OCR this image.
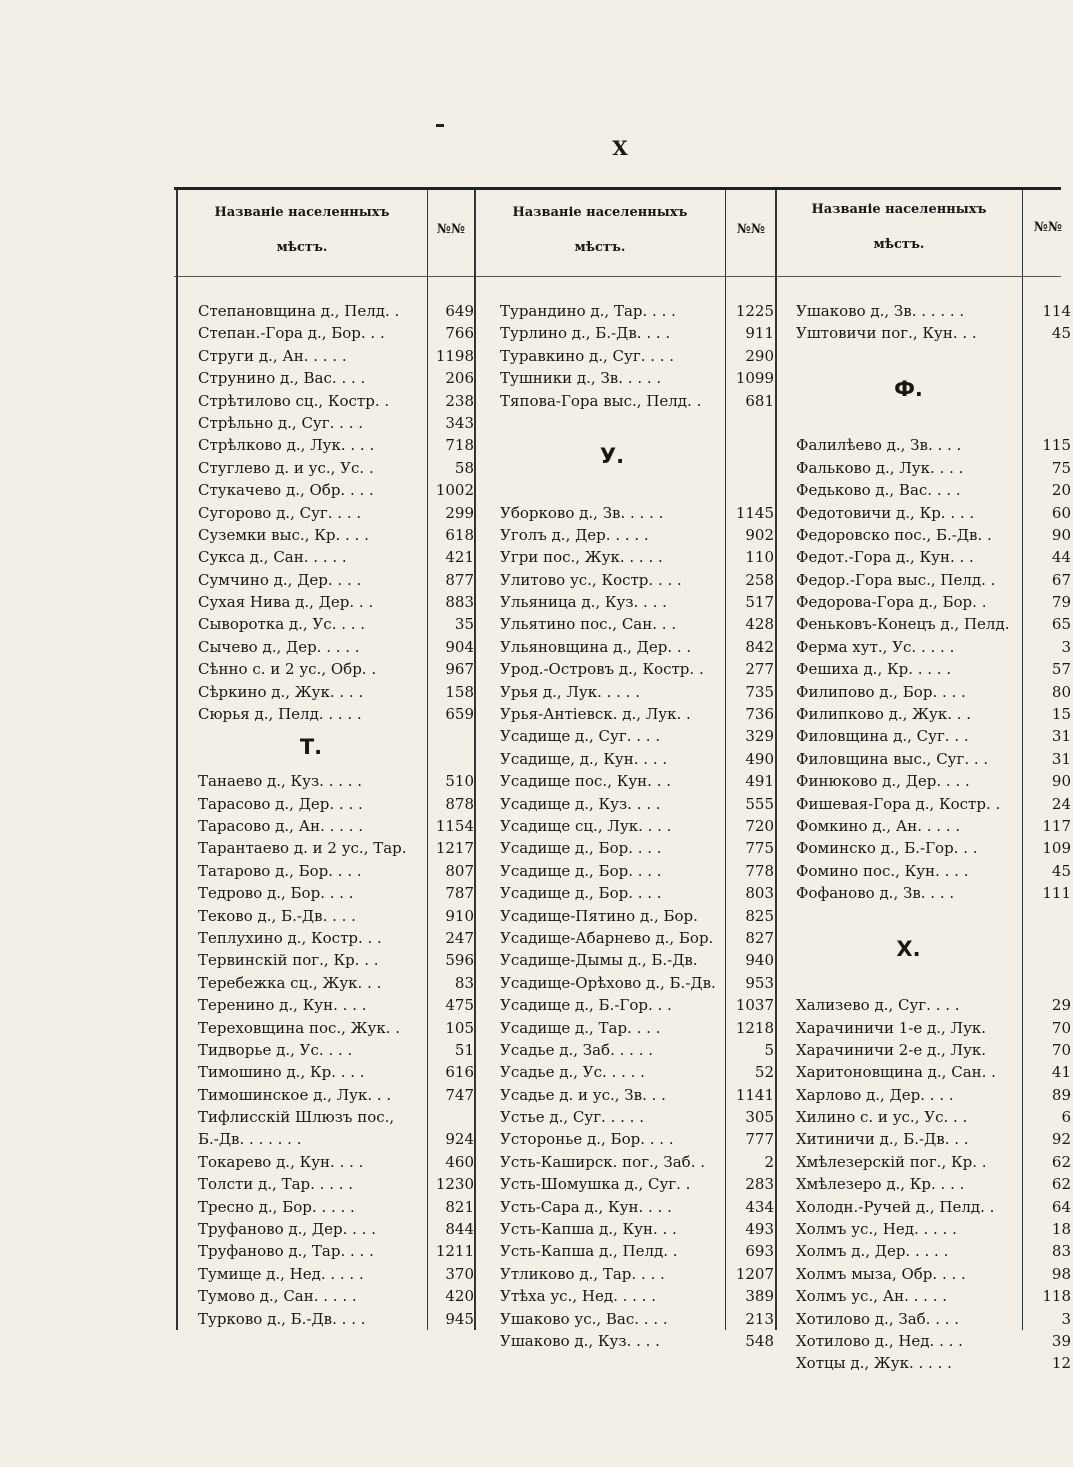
X
Названіе населенныхъ
мѣстъ.
№№
Названіе населенныхъ
мѣстъ.
№№
Названіе населенныхъ
мѣстъ.
№№
Степановщина д., Пелд. .	649
Степан.-Гора д., Бор. . .	766
Струги д., Ан. . . . .	1198
Струнино д., Вас. . . .	206
Стрѣтилово сц., Костр. .	238
Стрѣльно д., Суг. . . .	343
Стрѣлково д., Лук. . . .	718
Стуглево д. и ус., Ус. .	58
Стукачево д., Обр. . . .	1002
Сугорово д., Суг. . . .	299
Суземки выс., Кр. . . .	618
Сукса д., Сан. . . . .	421
Сумчино д., Дер. . . .	877
Сухая Нива д., Дер. . .	883
Сыворотка д., Ус. . . .	35
Сычево д., Дер. . . . .	904
Сѣнно с. и 2 ус., Обр. .	967
Сѣркино д., Жук. . . .	158
Сюрья д., Пелд. . . . .	659
Т.
Танаево д., Куз. . . . .	510
Тарасово д., Дер. . . .	878
Тарасово д., Ан. . . . .	1154
Тарантаево д. и 2 ус., Тар.	1217
Татарово д., Бор. . . .	807
Тедрово д., Бор. . . .	787
Теково д., Б.-Дв. . . .	910
Теплухино д., Костр. . .	247
Тервинскій пог., Кр. . .	596
Теребежка сц., Жук. . .	83
Теренино д., Кун. . . .	475
Тереховщина пос., Жук. .	105
Тидворье д., Ус. . . .	51
Тимошино д., Кр. . . .	616
Тимошинское д., Лук. . .	747
Тифлисскій Шлюзъ пос.,
Б.-Дв. . . . . . .	924
Токарево д., Кун. . . .	460
Толсти д., Тар. . . . .	1230
Тресно д., Бор. . . . .	821
Труфаново д., Дер. . . .	844
Труфаново д., Тар. . . .	1211
Тумище д., Нед. . . . .	370
Тумово д., Сан. . . . .	420
Турково д., Б.-Дв. . . .	945
Турандино д., Тар. . . .	1225
Турлино д., Б.-Дв. . . .	911
Туравкино д., Суг. . . .	290
Тушники д., Зв. . . . .	1099
Тяпова-Гора выс., Пелд. .	681
У.
Уборково д., Зв. . . . .	1145
Уголъ д., Дер. . . . .	902
Угри пос., Жук. . . . .	110
Улитово ус., Костр. . . .	258
Ульяница д., Куз. . . .	517
Ульятино пос., Сан. . .	428
Ульяновщина д., Дер. . .	842
Урод.-Островъ д., Костр. .	277
Урья д., Лук. . . . .	735
Урья-Антіевск. д., Лук. .	736
Усадище д., Суг. . . .	329
Усадище, д., Кун. . . .	490
Усадище пос., Кун. . .	491
Усадище д., Куз. . . .	555
Усадище сц., Лук. . . .	720
Усадище д., Бор. . . .	775
Усадище д., Бор. . . .	778
Усадище д., Бор. . . .	803
Усадище-Пятино д., Бор.	825
Усадище-Абарнево д., Бор.	827
Усадище-Дымы д., Б.-Дв.	940
Усадище-Орѣхово д., Б.-Дв.	953
Усадище д., Б.-Гор. . .	1037
Усадище д., Тар. . . .	1218
Усадье д., Заб. . . . .	5
Усадье д., Ус. . . . .	52
Усадье д. и ус., Зв. . .	1141
Устье д., Суг. . . . .	305
Усторонье д., Бор. . . .	777
Усть-Каширск. пог., Заб. .	2
Усть-Шомушка д., Суг. .	283
Усть-Сара д., Кун. . . .	434
Усть-Капша д., Кун. . .	493
Усть-Капша д., Пелд. .	693
Утликово д., Тар. . . .	1207
Утѣха ус., Нед. . . . .	389
Ушаково ус., Вас. . . .	213
Ушаково д., Куз. . . .	548
Ушаково д., Зв. . . . . .	114
Уштовичи пог., Кун. . .	45
Ф.
Фалилѣево д., Зв. . . .	115
Фальково д., Лук. . . .	75
Федьково д., Вас. . . .	20
Федотовичи д., Кр. . . .	60
Федоровско пос., Б.-Дв. .	90
Федот.-Гора д., Кун. . .	44
Федор.-Гора выс., Пелд. .	67
Федорова-Гора д., Бор. .	79
Феньковъ-Конецъ д., Пелд.	65
Ферма хут., Ус. . . . .	3
Фешиха д., Кр. . . . .	57
Филипово д., Бор. . . .	80
Филипково д., Жук. . .	15
Филовщина д., Суг. . .	31
Филовщина выс., Суг. . .	31
Финюково д., Дер. . . .	90
Фишевая-Гора д., Костр. .	24
Фомкино д., Ан. . . . .	117
Фоминско д., Б.-Гор. . .	109
Фомино пос., Кун. . . .	45
Фофаново д., Зв. . . .	111
Х.
Хализево д., Суг. . . .	29
Харачиничи 1-е д., Лук.	70
Харачиничи 2-е д., Лук.	70
Харитоновщина д., Сан. .	41
Харлово д., Дер. . . .	89
Хилино с. и ус., Ус. . .	6
Хитиничи д., Б.-Дв. . .	92
Хмѣлезерскій пог., Кр. .	62
Хмѣлезеро д., Кр. . . .	62
Холодн.-Ручей д., Пелд. .	64
Холмъ ус., Нед. . . . .	18
Холмъ д., Дер. . . . .	83
Холмъ мыза, Обр. . . .	98
Холмъ ус., Ан. . . . .	118
Хотилово д., Заб. . . .	3
Хотилово д., Нед. . . .	39
Хотцы д., Жук. . . . .	12
